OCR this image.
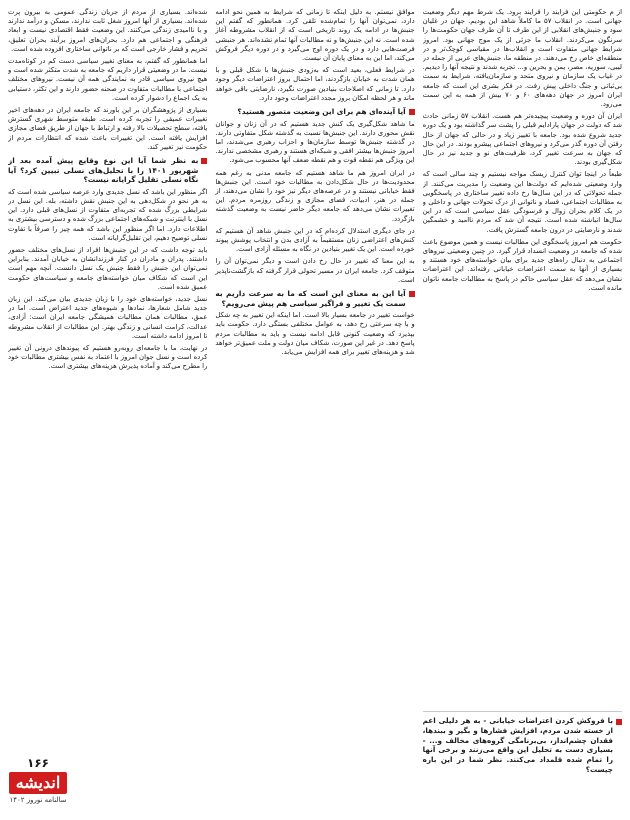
از م حکومتی این فرایند را فرایند برود. یک شرط مهم دیگر وضعیت جهانی است. در انقلاب ۵۷ ما کاملاً شاهد این بودیم. جهان در غلیان سود و جنبش‌های انقلابی از این طرف تا آن طرف جهان حکومت‌ها را سرنگون می‌کردند. انقلاب ما جزئی از یک موج جهانی بود. امروز شرایط جهانی متفاوت است و انقلاب‌ها در مقیاسی کوچک‌تر و در منطقه‌ای خاص رخ می‌دهند. در منطقه ما، جنبش‌های عربی از جمله در لیبی، سوریه، مصر، یمن و بحرین و... تجربه شدند و نتیجه آنها را دیدیم. در غیاب یک سازمان و نیروی متحد و سازمان‌یافته، شرایط به سمت بی‌ثباتی و جنگ داخلی پیش رفت. در فکر بشری این است که جامعه ایران امروز در جهان دهه‌های ۶۰ و ۷۰ بیش از همه به این سمت می‌رود.

ایران آن دوره و وضعیت پیچیده‌تر هم هست. انقلاب ۵۷ زمانی حادث شد که دولت در جهان پارادایم قبلی را پشت سر گذاشته بود و یک دوره جدید شروع شده بود. جامعه با تغییر زیاد و در حالی که جهان از حال رفتن آن دوره گذر می‌کرد و نیروهای اجتماعی پیشرو بودند. در این حال که جهان به سرعت تغییر کرد، ظرفیت‌های نو و جدید نیز در حال شکل‌گیری بودند.

طبعاً در اینجا توان کنترل ریسک مواجه نیستیم و چند سالی است که وارد وضعیتی شده‌ایم که دولت‌ها این وضعیت را مدیریت می‌کنند. از جمله تحولاتی که در این سال‌ها رخ داده تغییر ساختاری در پاسخگویی به مطالبات اجتماعی، فساد و ناتوانی از درک تحولات جهانی و داخلی و در یک کلام بحران زوال و فرسودگی عقل سیاسی است که در این سال‌ها انباشته شده است. نتیجه آن شد که مردم ناامید و خشمگین شدند و نارضایتی در درون جامعه گسترش یافت.

حکومت هم امروز پاسخگوی این مطالبات نیست و همین موضوع باعث شده که جامعه در وضعیت انسداد قرار گیرد. در چنین وضعیتی نیروهای اجتماعی به دنبال راه‌های جدید برای بیان خواسته‌های خود هستند و بسیاری از آنها به سمت اعتراضات خیابانی رفته‌اند. این اعتراضات نشان می‌دهد که عقل سیاسی حاکم در پاسخ به مطالبات جامعه ناتوان مانده است.

با فروکش کردن اعتراضات خیابانی - به هر دلیلی اعم از خسته شدن مردم، افزایش فشارها و بگیر و ببندها، فقدان چشم‌انداز، بی‌برنامگی گروه‌های مخالف و... - بسیاری دست به تحلیل این واقع می‌زنند و برخی آنها را تمام شده قلمداد می‌کنند. نظر شما در این باره چیست؟

موافق نیستم. به دلیل اینکه تا زمانی که شرایط به همین نحو ادامه دارد، نمی‌توان آنها را تمام‌شده تلقی کرد. همانطور که گفتم این جنبش‌ها در ادامه یک روند تاریخی است که از انقلاب مشروطه آغاز شده است. نه این جنبش‌ها و نه مطالبات آنها تمام نشده‌اند. هر جنبشی فرصت‌هایی دارد و در یک دوره اوج می‌گیرد و در دوره دیگر فروکش می‌کند، اما این به معنای پایان آن نیست.

در شرایط فعلی، بعید است که به‌زودی جنبش‌ها با شکل قبلی و با همان شدت به خیابان بازگردند، اما احتمال بروز اعتراضات دیگر وجود دارد. تا زمانی که اصلاحات بنیادین صورت نگیرد، نارضایتی باقی خواهد ماند و هر لحظه امکان بروز مجدد اعتراضات وجود دارد.

آیا آینده‌ای هم برای این وضعیت متصور هستید؟

ما شاهد شکل‌گیری یک کنش جدید هستیم که در آن زنان و جوانان نقش محوری دارند. این جنبش‌ها نسبت به گذشته شکل متفاوتی دارند. در گذشته جنبش‌ها توسط سازمان‌ها و احزاب رهبری می‌شدند، اما امروز جنبش‌ها بیشتر افقی و شبکه‌ای هستند و رهبری مشخصی ندارند. این ویژگی هم نقطه قوت و هم نقطه ضعف آنها محسوب می‌شود.

در ایران امروز هم ما شاهد هستیم که جامعه مدنی به رغم همه محدودیت‌ها در حال شکل‌دادن به مطالبات خود است. این جنبش‌ها فقط خیابانی نیستند و در عرصه‌های دیگر نیز خود را نشان می‌دهند، از جمله در هنر، ادبیات، فضای مجازی و زندگی روزمره مردم. این تغییرات نشان می‌دهد که جامعه دیگر حاضر نیست به وضعیت گذشته بازگردد.

در جای دیگری استدلال کرده‌ام که در این جنبش شاهد آن هستیم که کنش‌های اعتراضی زنان مستقیماً به آزادی بدن و انتخاب پوشش پیوند خورده است. این یک تغییر بنیادین در نگاه به مسئله آزادی است.

به این معنا که تغییر در حال رخ دادن است و دیگر نمی‌توان آن را متوقف کرد. جامعه ایران در مسیر تحولی قرار گرفته که بازگشت‌ناپذیر است.

آیا این به معنای این است که ما به سرعت داریم به سمت یک تغییر و فراگیر سیاسی هم پیش می‌رویم؟

خواست تغییر در جامعه بسیار بالا است. اما اینکه این تغییر به چه شکل و با چه سرعتی رخ دهد، به عوامل مختلفی بستگی دارد. حکومت باید بپذیرد که وضعیت کنونی قابل ادامه نیست و باید به مطالبات مردم پاسخ دهد. در غیر این صورت، شکاف میان دولت و ملت عمیق‌تر خواهد شد و هزینه‌های تغییر برای همه افزایش می‌یابد.

شده‌اند. بسیاری از مردم از جریان زندگی عمومی به بیرون پرت شده‌اند. بسیاری از آنها امروز شغل ثابت ندارند، مسکن و درآمد ندارند و با ناامیدی زندگی می‌کنند. این وضعیت فقط اقتصادی نیست و ابعاد فرهنگی و اجتماعی هم دارد. بحران‌های امروز برآیند بحران تعلیق، تحریم و فشار خارجی است که بر ناتوانی ساختاری افزوده شده است.

اما همانطور که گفتم، به معنای تغییر سیاسی دست کم در کوتاه‌مدت نیست. ما در وضعیتی قرار داریم که جامعه به شدت متکثر شده است و هیچ نیروی سیاسی قادر به نمایندگی همه آن نیست. نیروهای مختلف اجتماعی با مطالبات متفاوت در صحنه حضور دارند و این تکثر، دستیابی به یک اجماع را دشوار کرده است.

بسیاری از پژوهشگران بر این باورند که جامعه ایران در دهه‌های اخیر تغییرات عمیقی را تجربه کرده است. طبقه متوسط شهری گسترش یافته، سطح تحصیلات بالا رفته و ارتباط با جهان از طریق فضای مجازی افزایش یافته است. این تغییرات باعث شده که انتظارات مردم از حکومت نیز تغییر کند.

به نظر شما آیا این نوع وقایع پیش آمده بعد از شهریور ۱۴۰۱ را با تحلیل‌های نسلی تبیین کرد؟ آیا نگاه نسلی تقلیل گرایانه نیست؟

اگر منظور این باشد که نسل جدیدی وارد عرصه سیاسی شده است که به هر نحو در شکل‌دهی به این جنبش نقش داشته، بله. این نسل در شرایطی بزرگ شده که تجربه‌ای متفاوت از نسل‌های قبلی دارد. این نسل با اینترنت و شبکه‌های اجتماعی بزرگ شده و دسترسی بیشتری به اطلاعات دارد. اما اگر منظور این باشد که همه چیز را صرفاً با تفاوت نسلی توضیح دهیم، این تقلیل‌گرایانه است.

باید توجه داشت که در این جنبش‌ها افراد از نسل‌های مختلف حضور داشتند. پدران و مادران در کنار فرزندانشان به خیابان آمدند. بنابراین نمی‌توان این جنبش را فقط جنبش یک نسل دانست. آنچه مهم است این است که شکاف میان خواسته‌های جامعه و سیاست‌های حکومت عمیق شده است.

نسل جدید، خواسته‌های خود را با زبان جدیدی بیان می‌کند. این زبان جدید شامل شعارها، نمادها و شیوه‌های جدید اعتراض است. اما در عمق، مطالبات همان مطالبات همیشگی جامعه ایران است: آزادی، عدالت، کرامت انسانی و زندگی بهتر. این مطالبات از انقلاب مشروطه تا امروز ادامه داشته است.

در نهایت، ما با جامعه‌ای روبه‌رو هستیم که پیوندهای درونی آن تغییر کرده است و نسل جوان امروز با اعتماد به نفس بیشتری مطالبات خود را مطرح می‌کند و آماده پذیرش هزینه‌های بیشتری است.

۱۶۶
اندیشه
سالنامه نوروز ۱۴۰۲
